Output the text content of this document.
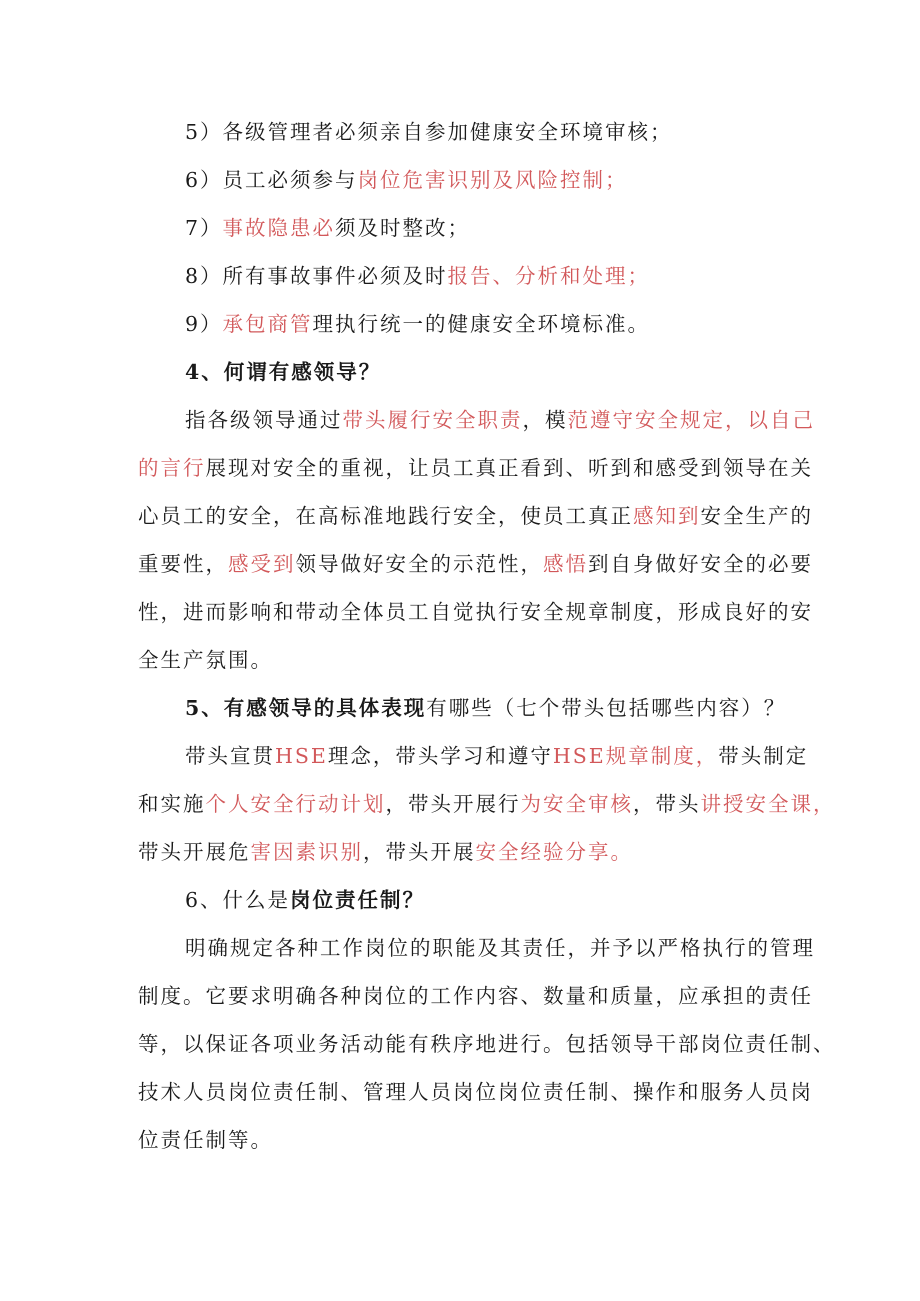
5）各级管理者必须亲自参加健康安全环境审核；
6）员工必须参与岗位危害识别及风险控制；
7）事故隐患必须及时整改；
8）所有事故事件必须及时报告、分析和处理；
9）承包商管理执行统一的健康安全环境标准。
4、何谓有感领导？
指各级领导通过带头履行安全职责，模范遵守安全规定，以自己
的言行展现对安全的重视，让员工真正看到、听到和感受到领导在关
心员工的安全，在高标准地践行安全，使员工真正感知到安全生产的
重要性，感受到领导做好安全的示范性，感悟到自身做好安全的必要
性，进而影响和带动全体员工自觉执行安全规章制度，形成良好的安
全生产氛围。
5、有感领导的具体表现有哪些（七个带头包括哪些内容）？
带头宣贯HSE理念，带头学习和遵守HSE规章制度，带头制定
和实施个人安全行动计划，带头开展行为安全审核，带头讲授安全课，
带头开展危害因素识别，带头开展安全经验分享。
6、什么是岗位责任制？
明确规定各种工作岗位的职能及其责任，并予以严格执行的管理
制度。它要求明确各种岗位的工作内容、数量和质量，应承担的责任
等，以保证各项业务活动能有秩序地进行。包括领导干部岗位责任制、
技术人员岗位责任制、管理人员岗位岗位责任制、操作和服务人员岗
位责任制等。
